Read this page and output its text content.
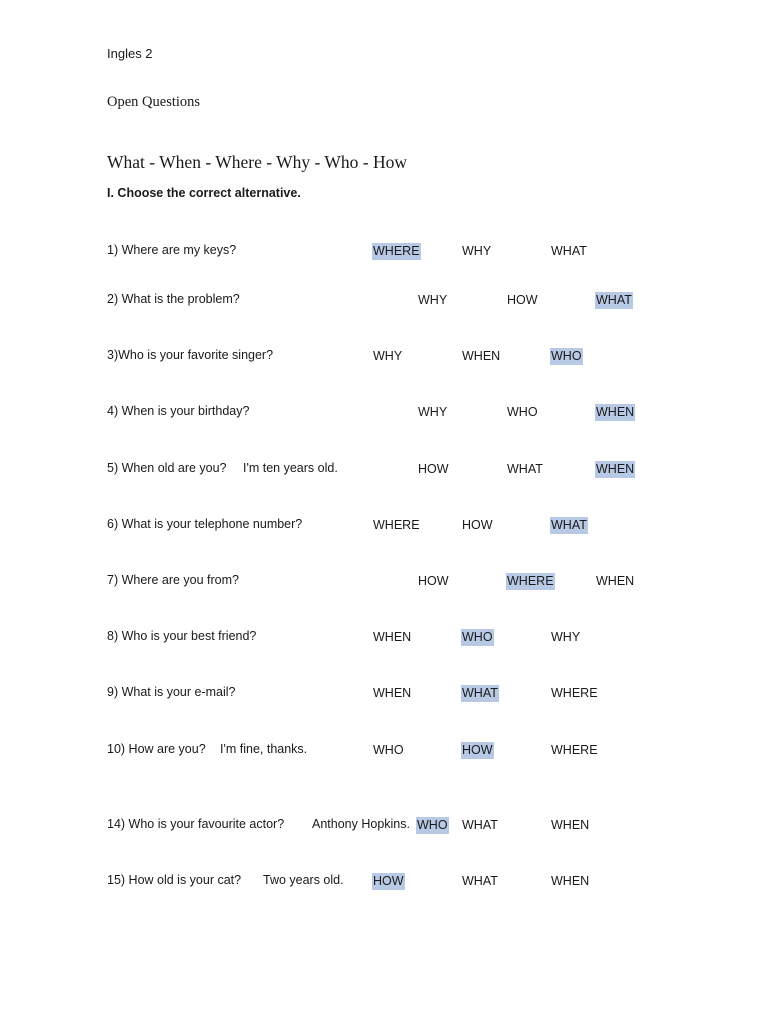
Ingles 2
Open Questions
What - When - Where - Why - Who - How
I. Choose the correct alternative.
1) Where are my keys?	WHERE	WHY	WHAT
2) What is the problem?	WHY	HOW	WHAT
3)Who is your favorite singer?	WHY	WHEN	WHO
4) When is your birthday?	WHY	WHO	WHEN
5) When old are you? I'm ten years old.	HOW	WHAT	WHEN
6) What is your telephone number?	WHERE	HOW	WHAT
7) Where are you from?	HOW	WHERE	WHEN
8) Who is your best friend?	WHEN	WHO	WHY
9) What is your e-mail?	WHEN	WHAT	WHERE
10) How are you? I'm fine, thanks.	WHO	HOW	WHERE
14) Who is your favourite actor? Anthony Hopkins. WHO WHAT	WHEN
15) How old is your cat? Two years old. HOW	WHAT	WHEN
